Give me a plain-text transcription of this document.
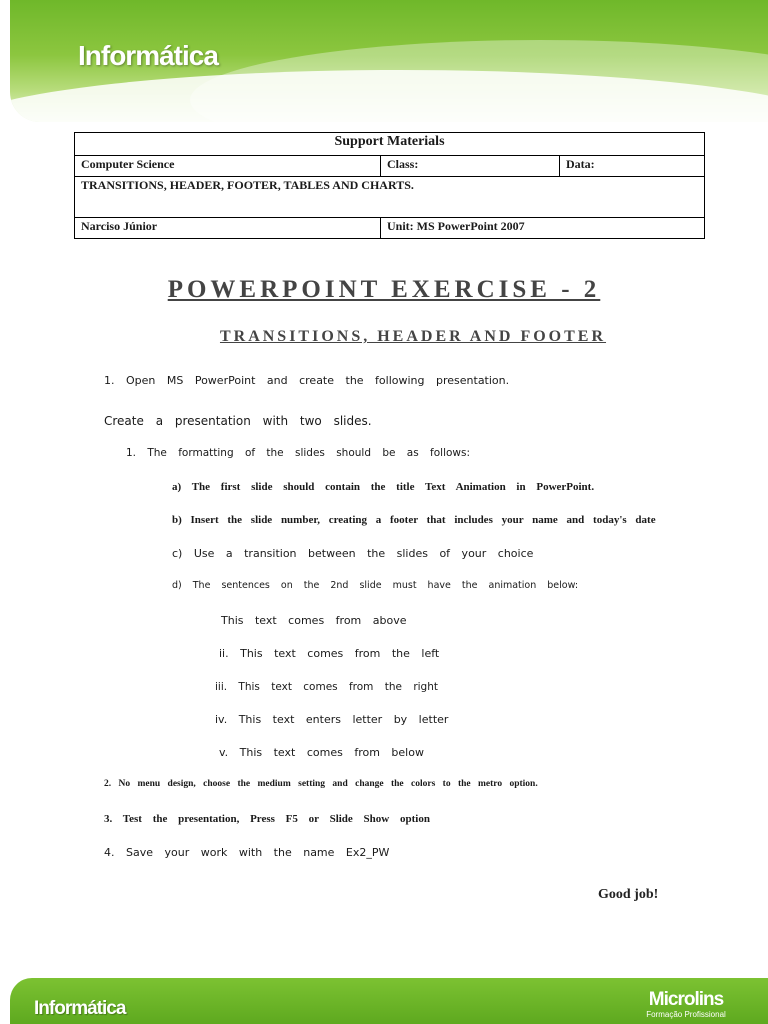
Informática
Support Materials		
Computer Science	Class:	Data:
TRANSITIONS, HEADER, FOOTER, TABLES AND CHARTS.		
Narciso Júnior	Unit: MS PowerPoint 2007	
POWERPOINT EXERCISE - 2
TRANSITIONS, HEADER AND FOOTER
1. Open MS PowerPoint and create the following presentation.
Create a presentation with two slides.
1. The formatting of the slides should be as follows:
a) The first slide should contain the title Text Animation in PowerPoint.
b) Insert the slide number, creating a footer that includes your name and today's date
c) Use a transition between the slides of your choice
d) The sentences on the 2nd slide must have the animation below:
This text comes from above
ii. This text comes from the left
iii. This text comes from the right
iv. This text enters letter by letter
v. This text comes from below
2. No menu design, choose the medium setting and change the colors to the metro option.
3. Test the presentation, Press F5 or Slide Show option
4. Save your work with the name Ex2_PW
Good job!
Informática	Microlins
Formação Profissional
